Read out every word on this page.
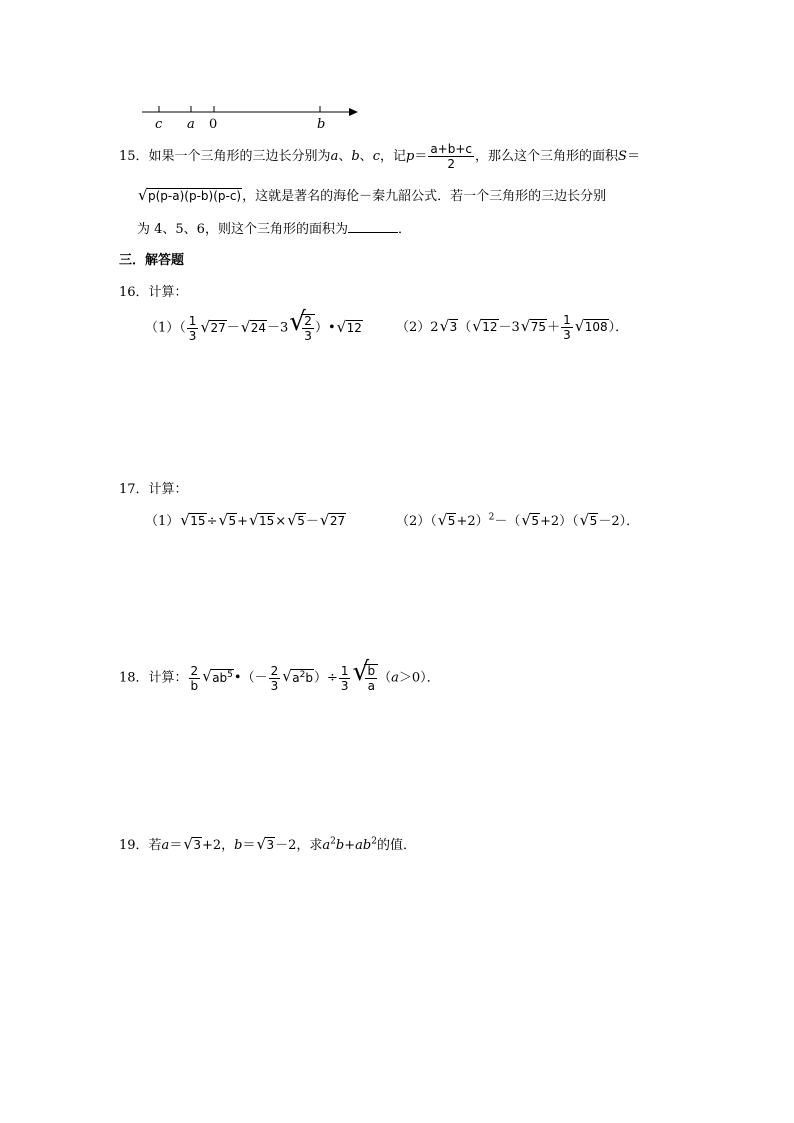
c a 0	b
15．如果一个三角形的三边长分别为a、b、c，记$p= \frac{a+b+c}{2}$ ，那么这个三角形的面积S＝
√ p(p-a)(p-b)(p-c)，这就是著名的海伦－秦九韶公式．若一个三角形的三边长分别
为 4、5、6，则这个三角形的面积为	．
三．解答题
16．计算：
$(1)( \frac{1}{3}$ √ 27－ √ 24－3 √
$\frac{2}{3}$ ）• √ 12	（2）2 √ 3（ √ 12－3 √ $75+ \frac{1}{3}$ √ 108）．
17．计算：
（1） √ 15÷ √ 5+ √ 15× √ 5－ √ 27	（2）（ √ 5+2）$^2$－（ √ 5+2）（ √ 5－2）．
18．计算： $\frac{2}{b}$ √ $ab^5•(- \frac{2}{3}$ √ $a^2b)\div \frac{1}{3}$ √
$\frac{b}{a} (a>0)$．
19．若a＝ √ 3+2，b＝ √ 3－2，求$a^2b+ab^2$的值．
